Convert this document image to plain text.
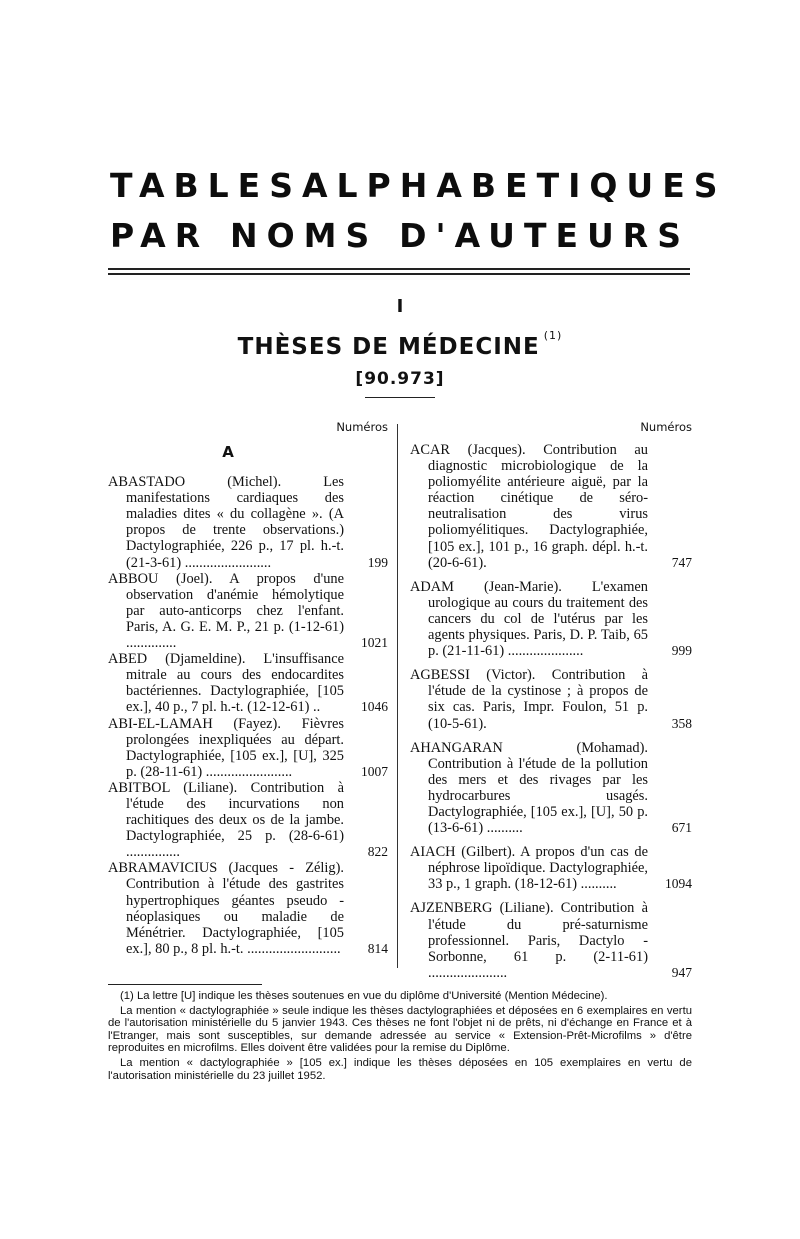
TABLES ALPHABETIQUES
PAR NOMS D'AUTEURS
I
THÈSES DE MÉDECINE $^{(1)}$
[90.973]
Numéros
A
ABASTADO (Michel). Les manifestations cardiaques des maladies dites « du collagène ». (A propos de trente observations.) Dactylographiée, 226 p., 17 pl. h.-t. (21-3-61) ........................	199
ABBOU (Joel). A propos d'une observation d'anémie hémolytique par auto-anticorps chez l'enfant. Paris, A. G. E. M. P., 21 p. (1-12-61) ..............	1021
ABED (Djameldine). L'insuffisance mitrale au cours des endocardites bactériennes. Dactylographiée, [105 ex.], 40 p., 7 pl. h.-t. (12-12-61) ..	1046
ABI-EL-LAMAH (Fayez). Fièvres prolongées inexpliquées au départ. Dactylographiée, [105 ex.], [U], 325 p. (28-11-61) ........................	1007
ABITBOL (Liliane). Contribution à l'étude des incurvations non rachitiques des deux os de la jambe. Dactylographiée, 25 p. (28-6-61) ...............	822
ABRAMAVICIUS (Jacques - Zélig). Contribution à l'étude des gastrites hypertrophiques géantes pseudo - néoplasiques ou maladie de Ménétrier. Dactylographiée, [105 ex.], 80 p., 8 pl. h.-t. .......................... 814
Numéros
ACAR (Jacques). Contribution au diagnostic microbiologique de la poliomyélite antérieure aiguë, par la réaction cinétique de séro-neutralisation des virus poliomyélitiques. Dactylographiée, [105 ex.], 101 p., 16 graph. dépl. h.-t. (20-6-61).	747
ADAM (Jean-Marie). L'examen urologique au cours du traitement des cancers du col de l'utérus par les agents physiques. Paris, D. P. Taib, 65 p. (21-11-61) .....................	999
AGBESSI (Victor). Contribution à l'étude de la cystinose ; à propos de six cas. Paris, Impr. Foulon, 51 p. (10-5-61).	358
AHANGARAN (Mohamad). Contribution à l'étude de la pollution des mers et des rivages par les hydrocarbures usagés. Dactylographiée, [105 ex.], [U], 50 p. (13-6-61) ..........	671
AIACH (Gilbert). A propos d'un cas de néphrose lipoïdique. Dactylographiée, 33 p., 1 graph. (18-12-61) ..........	1094
AJZENBERG (Liliane). Contribution à l'étude du pré-saturnisme professionnel. Paris, Dactylo - Sorbonne, 61 p. (2-11-61) ......................	947

(1) La lettre [U] indique les thèses soutenues en vue du diplôme d'Université (Mention Médecine).

La mention « dactylographiée » seule indique les thèses dactylographiées et déposées en 6 exemplaires en vertu de l'autorisation ministérielle du 5 janvier 1943. Ces thèses ne font l'objet ni de prêts, ni d'échange en France et à l'Etranger, mais sont susceptibles, sur demande adressée au service « Extension-Prêt-Microfilms » d'être reproduites en microfilms. Elles doivent être validées pour la remise du Diplôme.

La mention « dactylographiée » [105 ex.] indique les thèses déposées en 105 exemplaires en vertu de l'autorisation ministérielle du 23 juillet 1952.
